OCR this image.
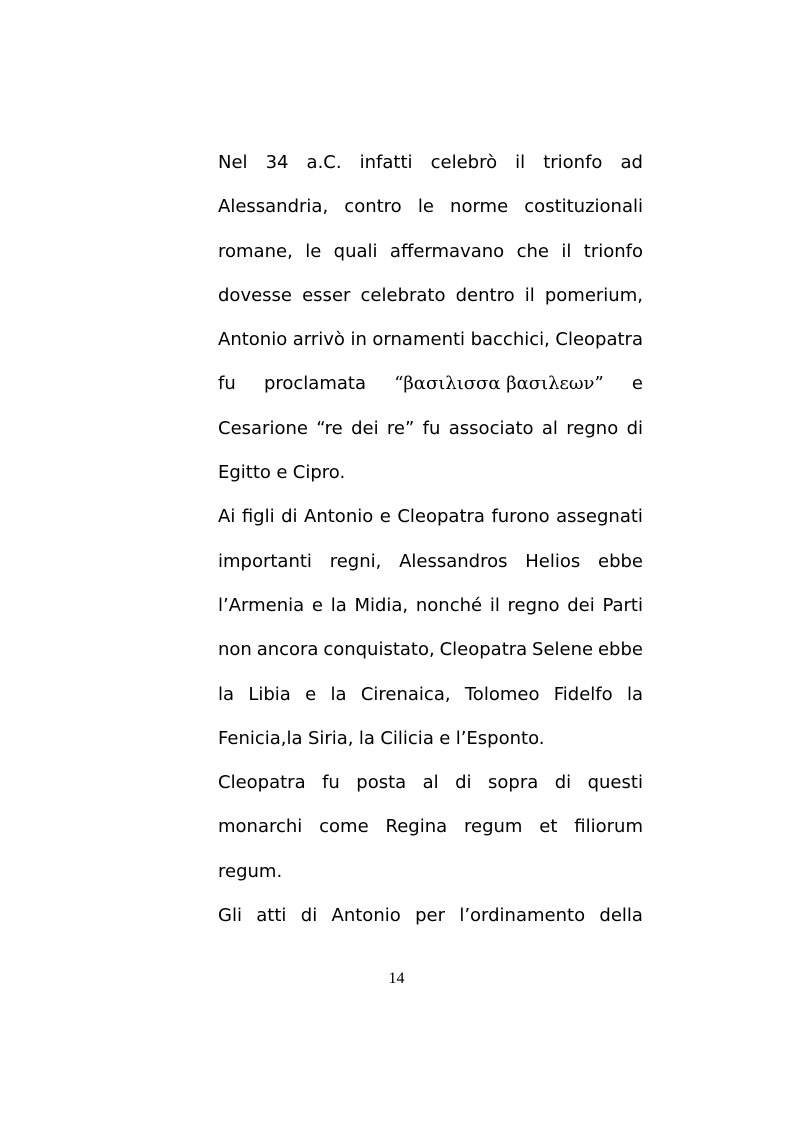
Nel 34 a.C. infatti celebrò il trionfo ad
Alessandria, contro le norme costituzionali
romane, le quali affermavano che il trionfo
dovesse esser celebrato dentro il pomerium,
Antonio arrivò in ornamenti bacchici, Cleopatra
fu proclamata “βασιλισσα βασιλεων” e
Cesarione “re dei re” fu associato al regno di
Egitto e Cipro.
Ai figli di Antonio e Cleopatra furono assegnati
importanti regni, Alessandros Helios ebbe
l’Armenia e la Midia, nonché il regno dei Parti
non ancora conquistato, Cleopatra Selene ebbe
la Libia e la Cirenaica, Tolomeo Fidelfo la
Fenicia,la Siria, la Cilicia e l’Esponto.
Cleopatra fu posta al di sopra di questi
monarchi come Regina regum et filiorum
regum.
Gli atti di Antonio per l’ordinamento della
14
